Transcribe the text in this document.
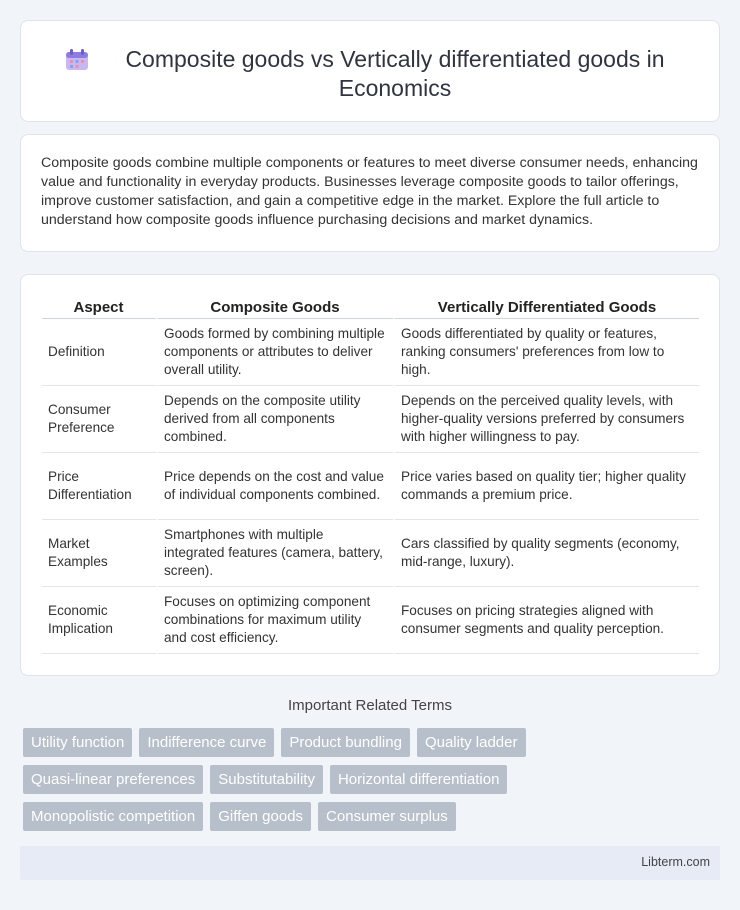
Composite goods vs Vertically differentiated goods in Economics

Composite goods combine multiple components or features to meet diverse consumer needs, enhancing value and functionality in everyday products. Businesses leverage composite goods to tailor offerings, improve customer satisfaction, and gain a competitive edge in the market. Explore the full article to understand how composite goods influence purchasing decisions and market dynamics.

Aspect	Composite Goods	Vertically Differentiated Goods
Definition	Goods formed by combining multiple components or attributes to deliver overall utility.	Goods differentiated by quality or features, ranking consumers' preferences from low to high.
Consumer Preference	Depends on the composite utility derived from all components combined.	Depends on the perceived quality levels, with higher-quality versions preferred by consumers with higher willingness to pay.
Price Differentiation	Price depends on the cost and value of individual components combined.	Price varies based on quality tier; higher quality commands a premium price.
Market Examples	Smartphones with multiple integrated features (camera, battery, screen).	Cars classified by quality segments (economy, mid-range, luxury).
Economic Implication	Focuses on optimizing component combinations for maximum utility and cost efficiency.	Focuses on pricing strategies aligned with consumer segments and quality perception.
Important Related Terms
Utility function	Indifference curve	Product bundling	Quality ladder
Quasi-linear preferences	Substitutability	Horizontal differentiation
Monopolistic competition	Giffen goods	Consumer surplus
Libterm.com
